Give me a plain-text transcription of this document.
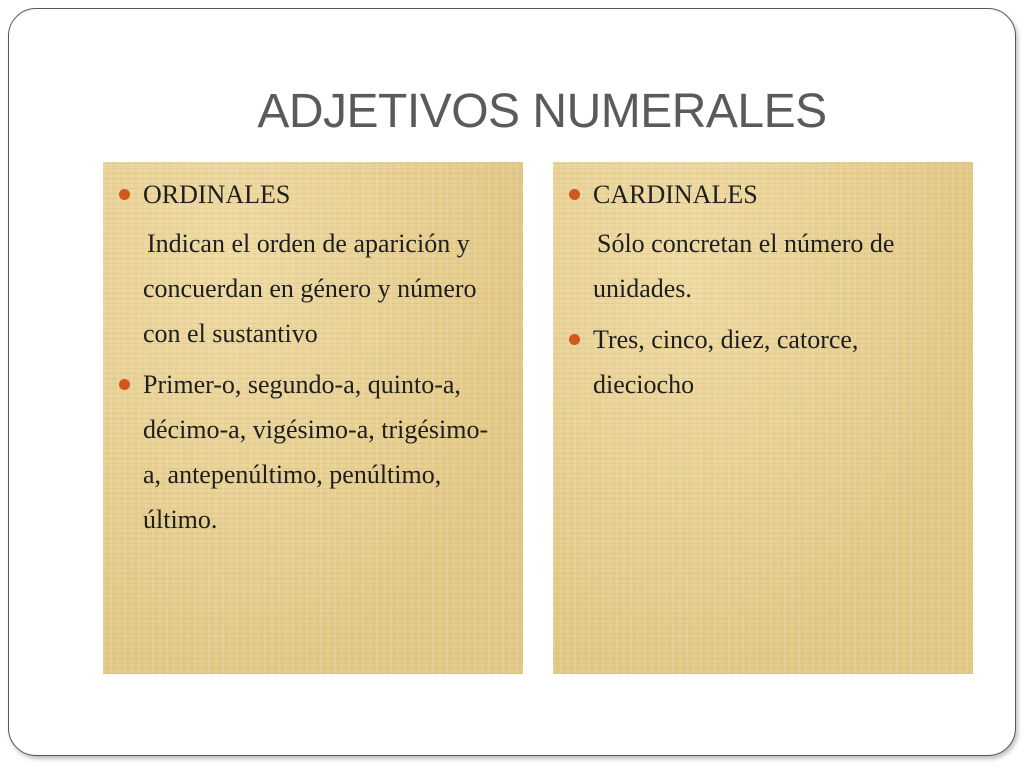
ADJETIVOS NUMERALES
ORDINALES
Indican el orden de aparición y concuerdan en género y número con el sustantivo
Primer-o, segundo-a, quinto-a, décimo-a, vigésimo-a, trigésimo-a, antepenúltimo, penúltimo, último.
CARDINALES
Sólo concretan el número de unidades.
Tres, cinco, diez, catorce, dieciocho
